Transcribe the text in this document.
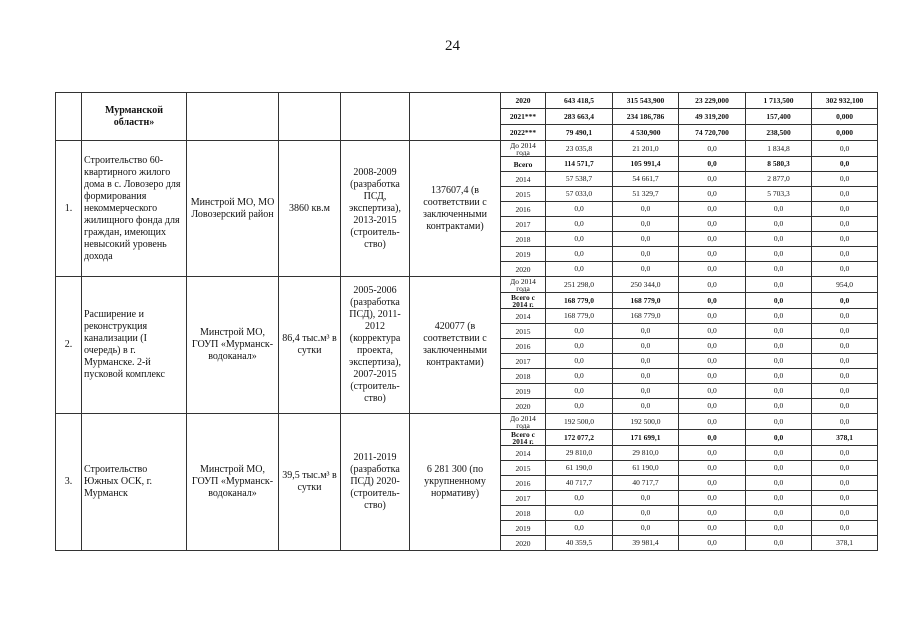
24
	Мурманской областн»					2020	643 418,5	315 543,900	23 229,000	1 713,500	302 932,100
						2021***	283 663,4	234 186,786	49 319,200	157,400	0,000
						2022***	79 490,1	4 530,900	74 720,700	238,500	0,000
1.	Строительство 60-квартирного жилого дома в с. Ловозеро для формирования некоммерческого жилищного фонда для граждан, имеющих невысокий уровень дохода	Минстрой МО, МО Ловозерский район	3860 кв.м	2008-2009 (разработка ПСД, экспертиза), 2013-2015 (строитель-ство)	137607,4 (в соответствии с заключенными контрактами)	До 2014 года	23 035,8	21 201,0	0,0	1 834,8	0,0
						Всего	114 571,7	105 991,4	0,0	8 580,3	0,0
						2014	57 538,7	54 661,7	0,0	2 877,0	0,0
						2015	57 033,0	51 329,7	0,0	5 703,3	0,0
						2016	0,0	0,0	0,0	0,0	0,0
						2017	0,0	0,0	0,0	0,0	0,0
						2018	0,0	0,0	0,0	0,0	0,0
						2019	0,0	0,0	0,0	0,0	0,0
						2020	0,0	0,0	0,0	0,0	0,0
2.	Расширение и реконструкция канализации (I очередь) в г. Мурманске. 2-й пусковой комплекс	Минстрой МО, ГОУП «Мурманск-водоканал»	86,4 тыс.м³ в сутки	2005-2006 (разработка ПСД), 2011-2012 (корректура проекта, экспертиза), 2007-2015 (строитель-ство)	420077 (в соответствии с заключенными контрактами)	До 2014 года	251 298,0	250 344,0	0,0	0,0	954,0
						Всего с 2014 г.	168 779,0	168 779,0	0,0	0,0	0,0
						2014	168 779,0	168 779,0	0,0	0,0	0,0
						2015	0,0	0,0	0,0	0,0	0,0
						2016	0,0	0,0	0,0	0,0	0,0
						2017	0,0	0,0	0,0	0,0	0,0
						2018	0,0	0,0	0,0	0,0	0,0
						2019	0,0	0,0	0,0	0,0	0,0
						2020	0,0	0,0	0,0	0,0	0,0
3.	Строительство Южных ОСК, г. Мурманск	Минстрой МО, ГОУП «Мурманск-водоканал»	39,5 тыс.м³ в сутки	2011-2019 (разработка ПСД) 2020- (строитель-ство)	6 281 300 (по укрупненному нормативу)	До 2014 года	192 500,0	192 500,0	0,0	0,0	0,0
						Всего с 2014 г.	172 077,2	171 699,1	0,0	0,0	378,1
						2014	29 810,0	29 810,0	0,0	0,0	0,0
						2015	61 190,0	61 190,0	0,0	0,0	0,0
						2016	40 717,7	40 717,7	0,0	0,0	0,0
						2017	0,0	0,0	0,0	0,0	0,0
						2018	0,0	0,0	0,0	0,0	0,0
						2019	0,0	0,0	0,0	0,0	0,0
						2020	40 359,5	39 981,4	0,0	0,0	378,1
